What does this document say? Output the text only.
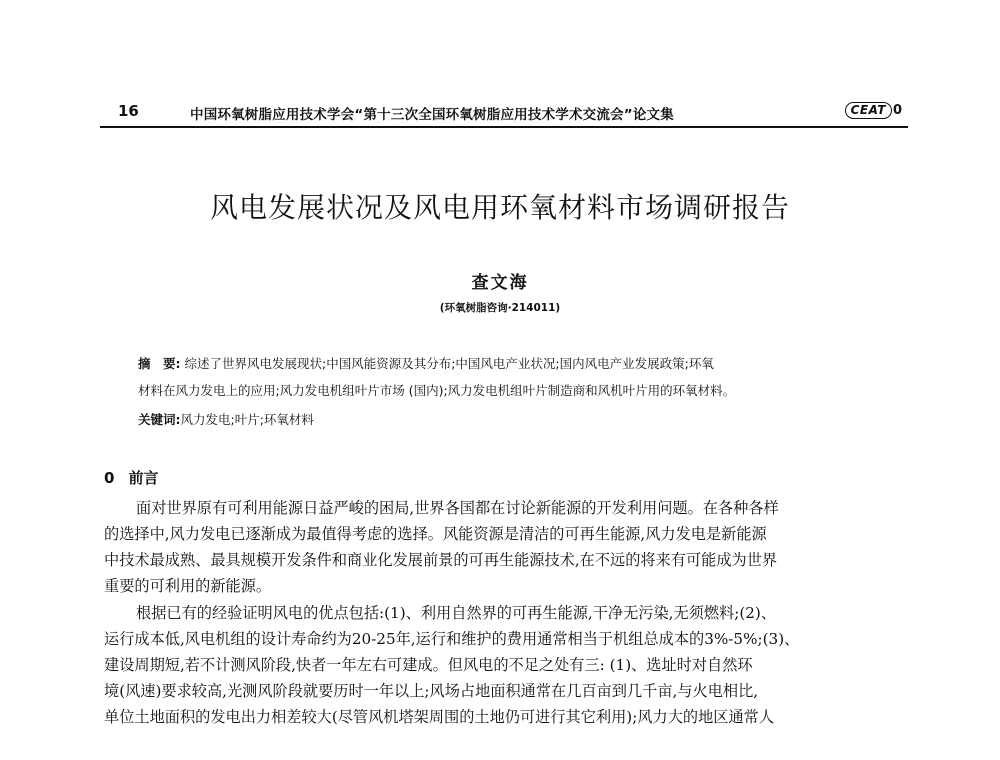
16	中国环氧树脂应用技术学会“第十三次全国环氧树脂应用技术学术交流会”论文集	CEAT 0
风电发展状况及风电用环氧材料市场调研报告
查文海
(环氧树脂咨询·214011)
摘　要: 综述了世界风电发展现状;中国风能资源及其分布;中国风电产业状况;国内风电产业发展政策;环氧
材料在风力发电上的应用;风力发电机组叶片市场 (国内);风力发电机组叶片制造商和风机叶片用的环氧材料。
关键词:风力发电;叶片;环氧材料
0 前言
面对世界原有可利用能源日益严峻的困局,世界各国都在讨论新能源的开发利用问题。在各种各样
的选择中,风力发电已逐渐成为最值得考虑的选择。风能资源是清洁的可再生能源,风力发电是新能源
中技术最成熟、最具规模开发条件和商业化发展前景的可再生能源技术,在不远的将来有可能成为世界
重要的可利用的新能源。
根据已有的经验证明风电的优点包括:(1)、利用自然界的可再生能源,干净无污染,无须燃料;(2)、
运行成本低,风电机组的设计寿命约为20-25年,运行和维护的费用通常相当于机组总成本的3%-5%;(3)、
建设周期短,若不计测风阶段,快者一年左右可建成。但风电的不足之处有三: (1)、选址时对自然环
境(风速)要求较高,光测风阶段就要历时一年以上;风场占地面积通常在几百亩到几千亩,与火电相比,
单位土地面积的发电出力相差较大(尽管风机塔架周围的土地仍可进行其它利用);风力大的地区通常人
